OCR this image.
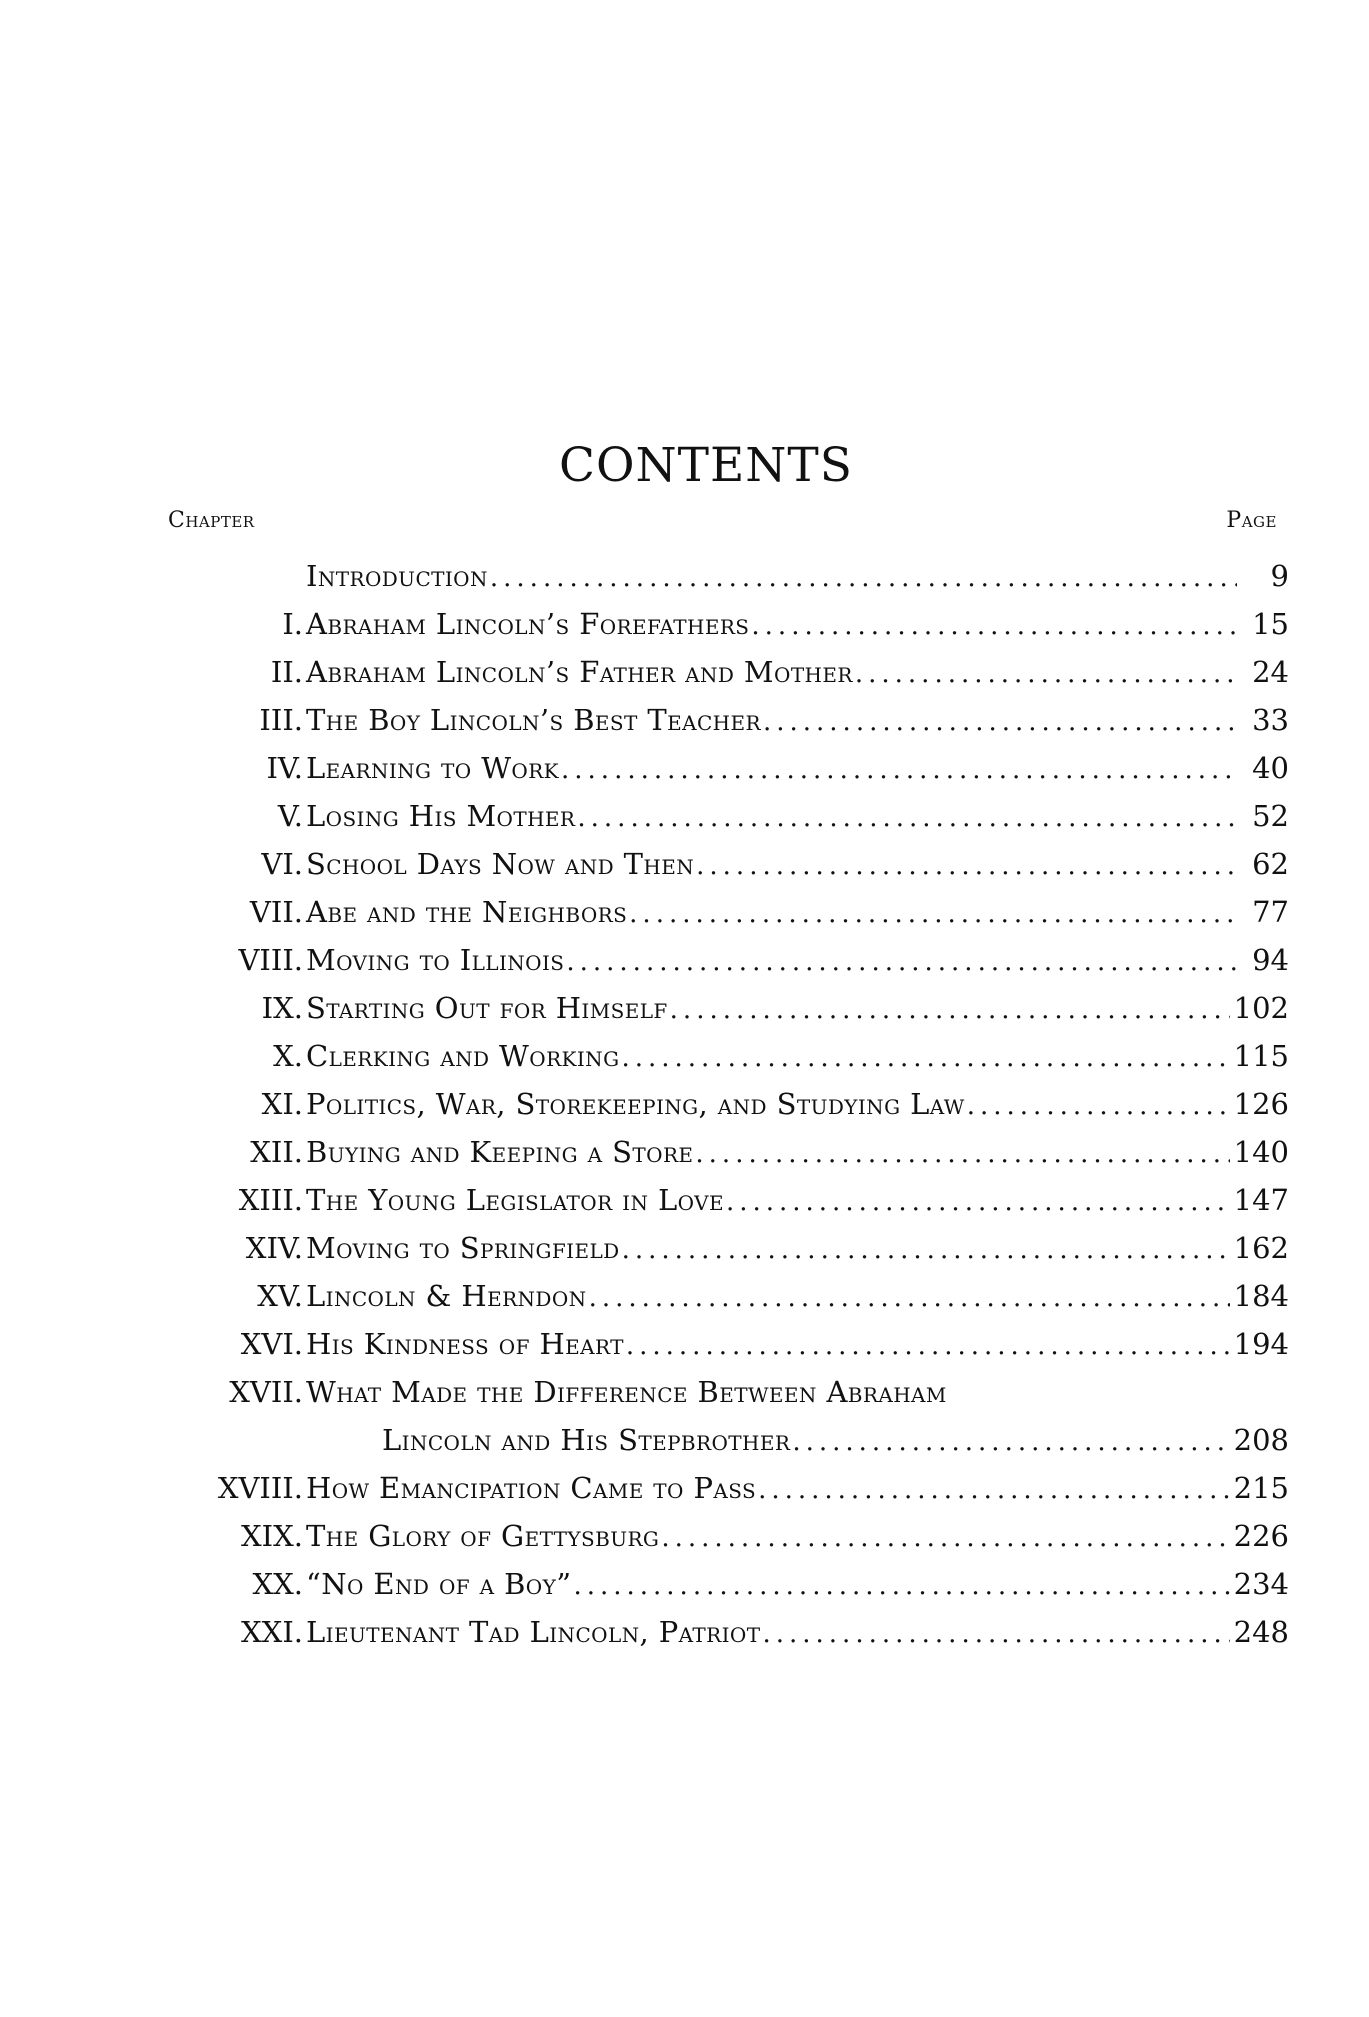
CONTENTS
Chapter	Page
Introduction .....	9
I. Abraham Lincoln’s Forefathers .....	15
II. Abraham Lincoln’s Father and Mother .....	24
III. The Boy Lincoln’s Best Teacher .....	33
IV. Learning to Work .....	40
V. Losing His Mother .....	52
VI. School Days Now and Then .....	62
VII. Abe and the Neighbors .....	77
VIII. Moving to Illinois .....	94
IX. Starting Out for Himself .....	102
X. Clerking and Working .....	115
XI. Politics, War, Storekeeping, and Studying Law .....	126
XII. Buying and Keeping a Store .....	140
XIII. The Young Legislator in Love .....	147
XIV. Moving to Springfield .....	162
XV. Lincoln & Herndon .....	184
XVI. His Kindness of Heart .....	194
XVII. What Made the Difference Between Abraham
Lincoln and His Stepbrother .....	208
XVIII. How Emancipation Came to Pass .....	215
XIX. The Glory of Gettysburg .....	226
XX. “No End of a Boy” .....	234
XXI. Lieutenant Tad Lincoln, Patriot .....	248
